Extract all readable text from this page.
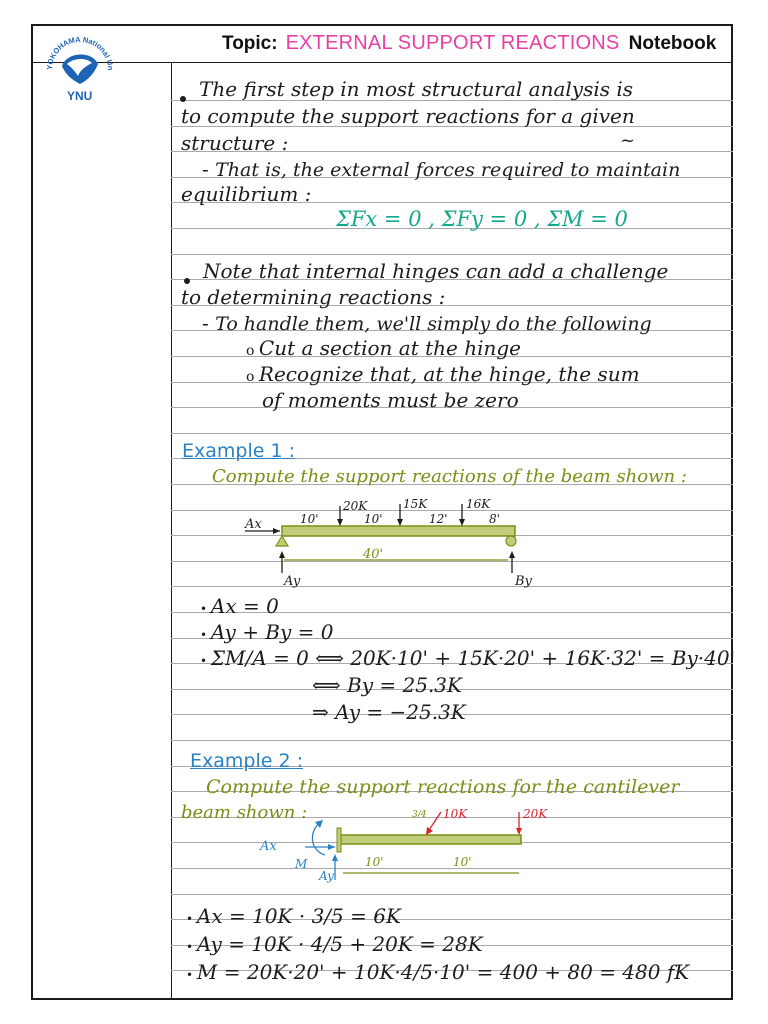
YOKOHAMA National University
YNU
Topic: EXTERNAL SUPPORT REACTIONS Notebook
The first step in most structural analysis is
to compute the support reactions for a given
structure :	~
‐ That is, the external forces required to maintain
equilibrium :
ΣFx = 0 , ΣFy = 0 , ΣM = 0
Note that internal hinges can add a challenge
to determining reactions :
‐ To handle them, we'll simply do the following
o Cut a section at the hinge
o Recognize that, at the hinge, the sum
of moments must be zero
Example 1 :
Compute the support reactions of the beam shown :
Ax
Ay	By
40'
20K	15K	16K
10'	10'	12'	8'
• Ax = 0
• Ay + By = 0
• ΣM/A = 0 ⟺ 20K·10' + 15K·20' + 16K·32' = By·40'
⟺ By = 25.3K
⇒ Ay = −25.3K
Example 2 :
Compute the support reactions for the cantilever
beam shown :
Ax
M
Ay
10K
3/4	20K
10'	10'
• Ax = 10K · 3/5 = 6K
• Ay = 10K · 4/5 + 20K = 28K
• M = 20K·20' + 10K·4/5·10' = 400 + 80 = 480 fK
